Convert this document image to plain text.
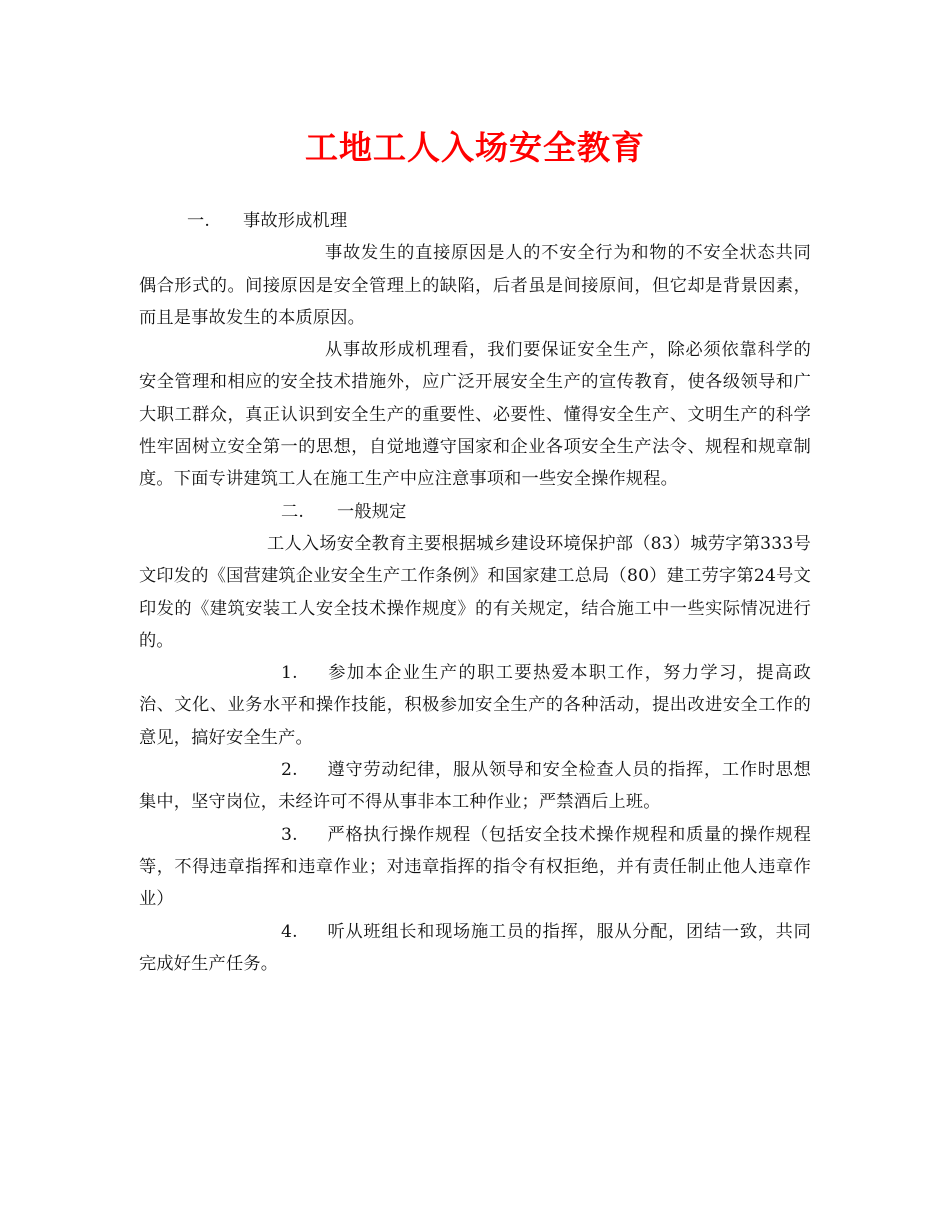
工地工人入场安全教育

一. 事故形成机理

事故发生的直接原因是人的不安全行为和物的不安全状态共同偶合形式的。间接原因是安全管理上的缺陷，后者虽是间接原间，但它却是背景因素，而且是事故发生的本质原因。

从事故形成机理看，我们要保证安全生产，除必须依靠科学的安全管理和相应的安全技术措施外，应广泛开展安全生产的宣传教育，使各级领导和广大职工群众，真正认识到安全生产的重要性、必要性、懂得安全生产、文明生产的科学性牢固树立安全第一的思想，自觉地遵守国家和企业各项安全生产法令、规程和规章制度。下面专讲建筑工人在施工生产中应注意事项和一些安全操作规程。

二. 一般规定

工人入场安全教育主要根据城乡建设环境保护部（83）城劳字第333号文印发的《国营建筑企业安全生产工作条例》和国家建工总局（80）建工劳字第24号文印发的《建筑安装工人安全技术操作规度》的有关规定，结合施工中一些实际情况进行的。

1. 参加本企业生产的职工要热爱本职工作，努力学习，提高政治、文化、业务水平和操作技能，积极参加安全生产的各种活动，提出改进安全工作的意见，搞好安全生产。

2. 遵守劳动纪律，服从领导和安全检查人员的指挥，工作时思想集中，坚守岗位，未经许可不得从事非本工种作业；严禁酒后上班。

3. 严格执行操作规程（包括安全技术操作规程和质量的操作规程等，不得违章指挥和违章作业；对违章指挥的指令有权拒绝，并有责任制止他人违章作业）

4. 听从班组长和现场施工员的指挥，服从分配，团结一致，共同完成好生产任务。
